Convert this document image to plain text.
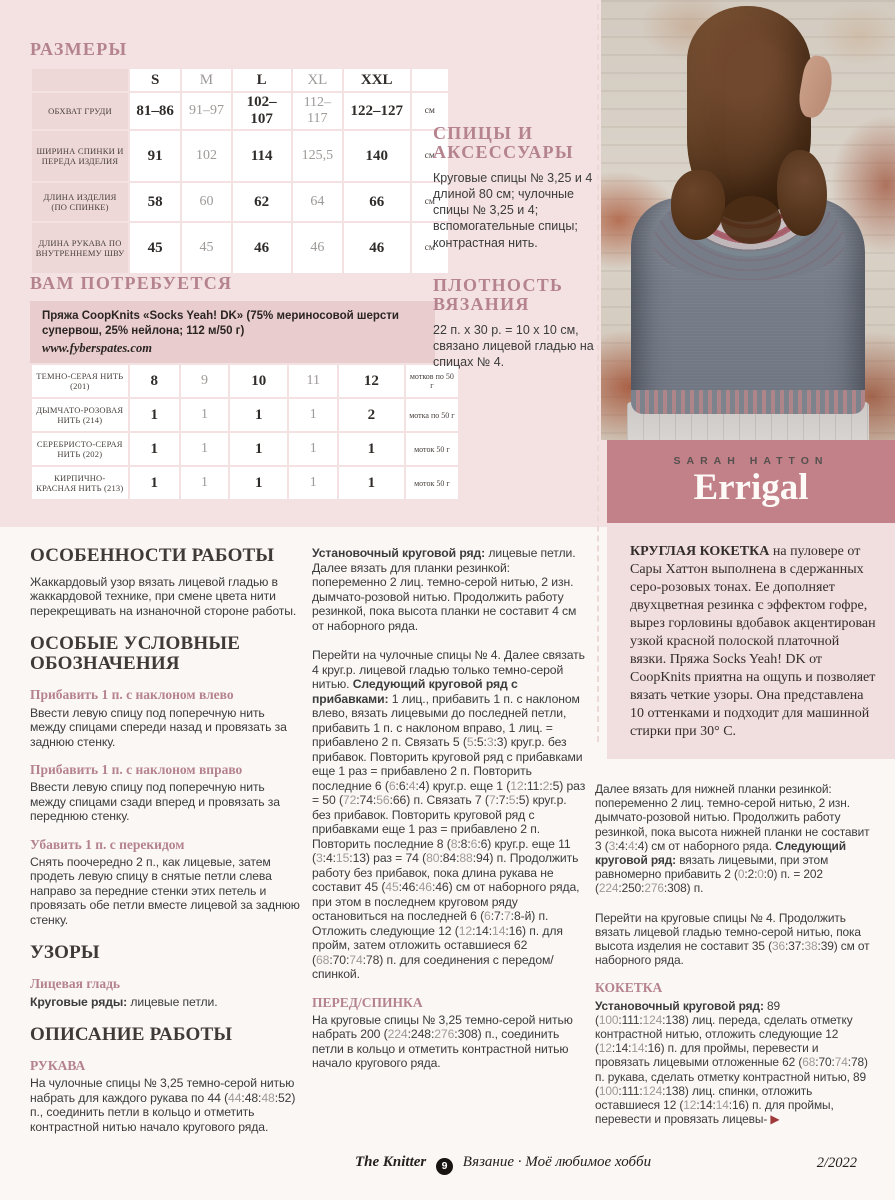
РАЗМЕРЫ
	S	M	L	XL	XXL	
ОБХВАТ ГРУДИ	81–86	91–97	102–107	112–117	122–127	см
ШИРИНА СПИНКИ И ПЕРЕДА ИЗДЕЛИЯ	91	102	114	125,5	140	см
ДЛИНА ИЗДЕЛИЯ (ПО СПИНКЕ)	58	60	62	64	66	см
ДЛИНА РУКАВА ПО ВНУТРЕННЕМУ ШВУ	45	45	46	46	46	см
ВАМ ПОТРЕБУЕТСЯ

Пряжа CoopKnits «Socks Yeah! DK» (75% мериносовой шерсти супервош, 25% нейлона; 112 м/50 г)

www.fyberspates.com

ТЕМНО-СЕРАЯ НИТЬ (201)	8	9	10	11	12	мотков по 50 г
ДЫМЧАТО-РОЗОВАЯ НИТЬ (214)	1	1	1	1	2	мотка по 50 г
СЕРЕБРИСТО-СЕРАЯ НИТЬ (202)	1	1	1	1	1	моток 50 г
КИРПИЧНО-КРАСНАЯ НИТЬ (213)	1	1	1	1	1	моток 50 г
СПИЦЫ И АКСЕССУАРЫ

Круговые спицы № 3,25 и 4 длиной 80 см; чулочные спицы № 3,25 и 4; вспомогательные спицы; контрастная нить.

ПЛОТНОСТЬ ВЯЗАНИЯ

22 п. х 30 р. = 10 х 10 см, связано лицевой гладью на спицах № 4.

ОСОБЕННОСТИ РАБОТЫ
Жаккардовый узор вязать лицевой гладью в жаккардовой технике, при смене цвета нити перекрещивать на изнаночной стороне работы.
ОСОБЫЕ УСЛОВНЫЕ ОБОЗНАЧЕНИЯ
Прибавить 1 п. с наклоном влево
Ввести левую спицу под поперечную нить между спицами спереди назад и провязать за заднюю стенку.
Прибавить 1 п. с наклоном вправо
Ввести левую спицу под поперечную нить между спицами сзади вперед и провязать за переднюю стенку.
Убавить 1 п. с перекидом
Снять поочередно 2 п., как лицевые, затем продеть левую спицу в снятые петли слева направо за передние стенки этих петель и провязать обе петли вместе лицевой за заднюю стенку.
УЗОРЫ
Лицевая гладь
Круговые ряды: лицевые петли.
ОПИСАНИЕ РАБОТЫ
РУКАВА
На чулочные спицы № 3,25 темно-серой нитью набрать для каждого рукава по 44 (44:48:48:52) п., соединить петли в кольцо и отметить контрастной нитью начало кругового ряда.
Установочный круговой ряд: лицевые петли. Далее вязать для планки резинкой: попеременно 2 лиц. темно-серой нитью, 2 изн. дымчато-розовой нитью. Продолжить работу резинкой, пока высота планки не составит 4 см от наборного ряда.
Перейти на чулочные спицы № 4. Далее связать 4 круг.р. лицевой гладью только темно-серой нитью. Следующий круговой ряд с прибавками: 1 лиц., прибавить 1 п. с наклоном влево, вязать лицевыми до последней петли, прибавить 1 п. с наклоном вправо, 1 лиц. = прибавлено 2 п. Связать 5 (5:5:3:3) круг.р. без прибавок. Повторить круговой ряд с прибавками еще 1 раз = прибавлено 2 п. Повторить последние 6 (6:6:4:4) круг.р. еще 1 (12:11:2:5) раз = 50 (72:74:56:66) п. Связать 7 (7:7:5:5) круг.р. без прибавок. Повторить круговой ряд с прибавками еще 1 раз = прибавлено 2 п. Повторить последние 8 (8:8:6:6) круг.р. еще 11 (3:4:15:13) раз = 74 (80:84:88:94) п. Продолжить работу без прибавок, пока длина рукава не составит 45 (45:46:46:46) см от наборного ряда, при этом в последнем круговом ряду остановиться на последней 6 (6:7:7:8-й) п. Отложить следующие 12 (12:14:14:16) п. для пройм, затем отложить оставшиеся 62 (68:70:74:78) п. для соединения с передом/спинкой.
ПЕРЕД/СПИНКА
На круговые спицы № 3,25 темно-серой нитью набрать 200 (224:248:276:308) п., соединить петли в кольцо и отметить контрастной нитью начало кругового ряда.
SARAH HATTON
Errigal
КРУГЛАЯ КОКЕТКА на пуловере от Сары Хаттон выполнена в сдержанных серо-розовых тонах. Ее дополняет двухцветная резинка с эффектом гофре, вырез горловины вдобавок акцентирован узкой красной полоской платочной вязки. Пряжа Socks Yeah! DK от CoopKnits приятна на ощупь и позволяет вязать четкие узоры. Она представлена 10 оттенками и подходит для машинной стирки при 30° С.
Далее вязать для нижней планки резинкой: попеременно 2 лиц. темно-серой нитью, 2 изн. дымчато-розовой нитью. Продолжить работу резинкой, пока высота нижней планки не составит 3 (3:4:4:4) см от наборного ряда. Следующий круговой ряд: вязать лицевыми, при этом равномерно прибавить 2 (0:2:0:0) п. = 202 (224:250:276:308) п.
Перейти на круговые спицы № 4. Продолжить вязать лицевой гладью темно-серой нитью, пока высота изделия не составит 35 (36:37:38:39) см от наборного ряда.
КОКЕТКА
Установочный круговой ряд: 89 (100:111:124:138) лиц. переда, сделать отметку контрастной нитью, отложить следующие 12 (12:14:14:16) п. для проймы, перевести и провязать лицевыми отложенные 62 (68:70:74:78) п. рукава, сделать отметку контрастной нитью, 89 (100:111:124:138) лиц. спинки, отложить оставшиеся 12 (12:14:14:16) п. для проймы, перевести и провязать лицевы- ▶
The Knitter 9 Вязание · Моё любимое хобби	2/2022
